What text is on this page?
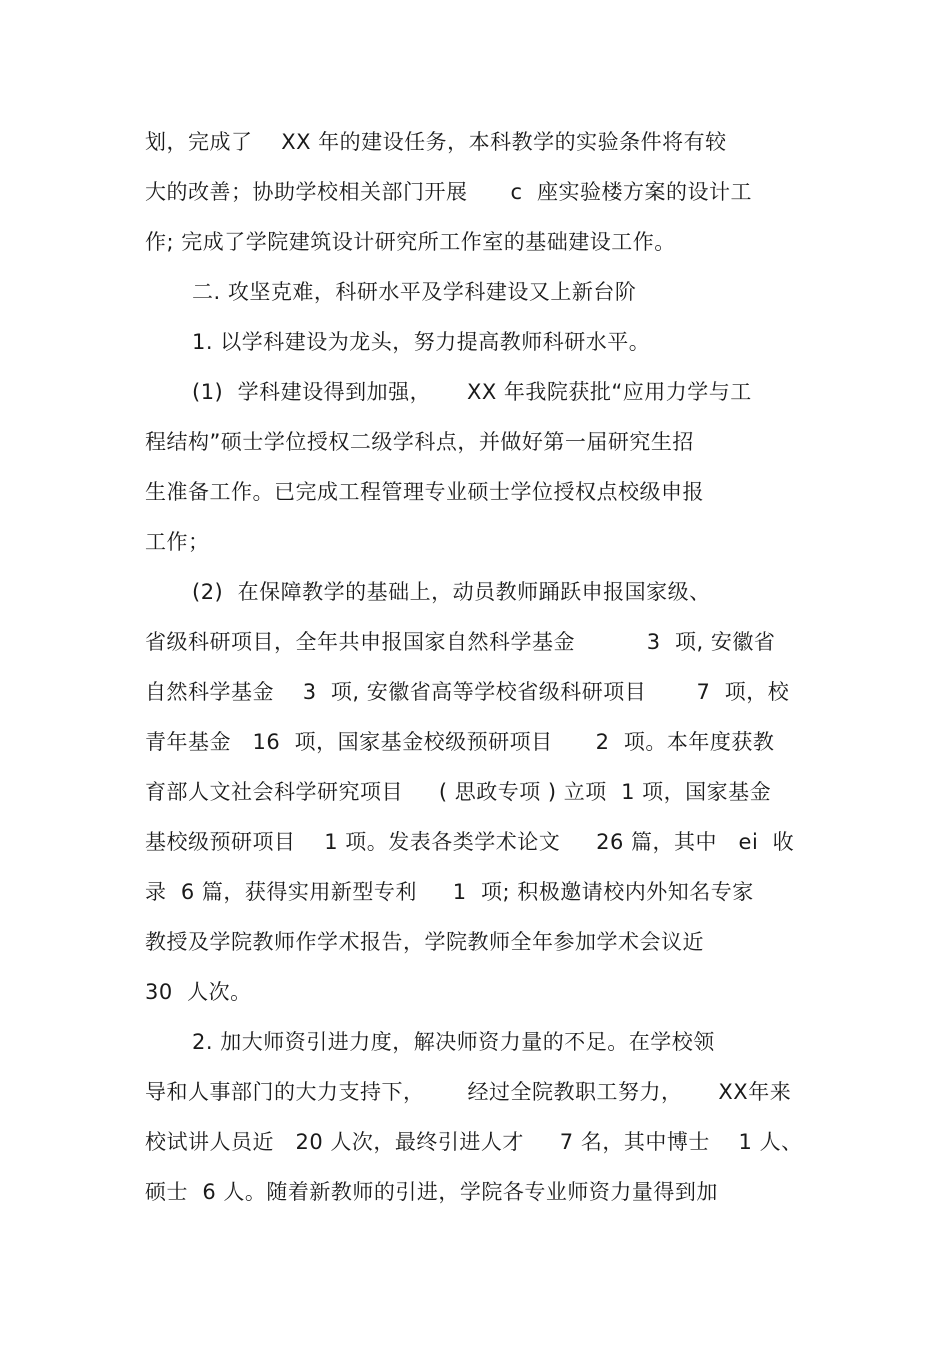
划，完成了    XX 年的建设任务，本科教学的实验条件将有较
大的改善；协助学校相关部门开展      c  座实验楼方案的设计工
作; 完成了学院建筑设计研究所工作室的基础建设工作。
二. 攻坚克难，科研水平及学科建设又上新台阶
1. 以学科建设为龙头，努力提高教师科研水平。
(1)  学科建设得到加强，     XX 年我院获批“应用力学与工
程结构”硕士学位授权二级学科点，并做好第一届研究生招
生准备工作。已完成工程管理专业硕士学位授权点校级申报
工作；
(2)  在保障教学的基础上，动员教师踊跃申报国家级、
省级科研项目，全年共申报国家自然科学基金          3  项, 安徽省
自然科学基金    3  项, 安徽省高等学校省级科研项目       7  项，校
青年基金   16  项，国家基金校级预研项目      2  项。本年度获教
育部人文社会科学研究项目     ( 思政专项 ) 立项  1 项，国家基金
基校级预研项目    1 项。发表各类学术论文     26 篇，其中   ei  收
录  6 篇，获得实用新型专利     1  项; 积极邀请校内外知名专家
教授及学院教师作学术报告，学院教师全年参加学术会议近
30  人次。
2. 加大师资引进力度，解决师资力量的不足。在学校领
导和人事部门的大力支持下，      经过全院教职工努力，     XX年来
校试讲人员近   20 人次，最终引进人才     7 名，其中博士    1 人、
硕士  6 人。随着新教师的引进，学院各专业师资力量得到加
